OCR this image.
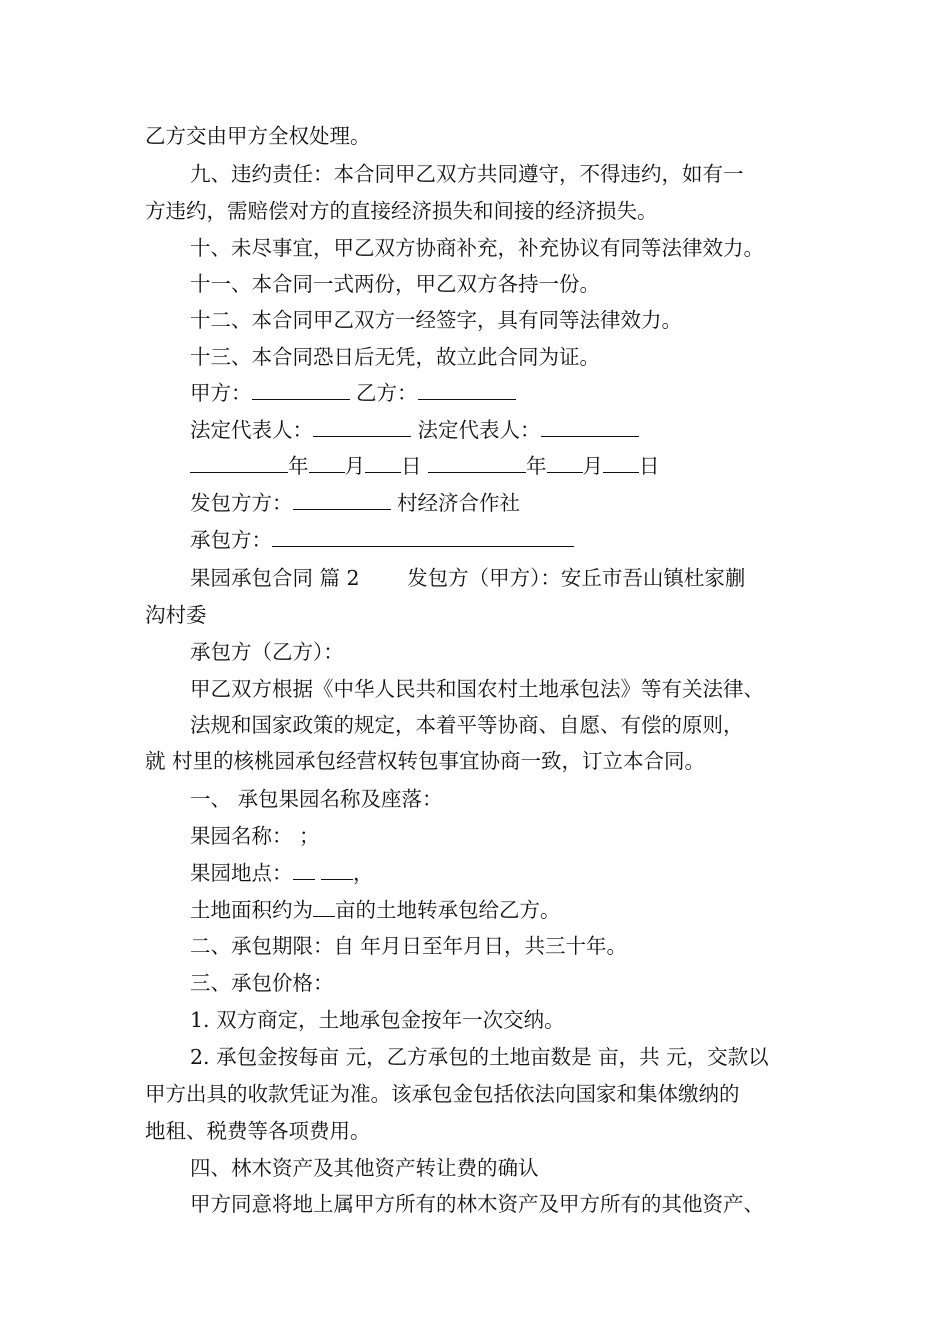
乙方交由甲方全权处理。
九、违约责任：本合同甲乙双方共同遵守，不得违约，如有一
方违约，需赔偿对方的直接经济损失和间接的经济损失。
十、未尽事宜，甲乙双方协商补充，补充协议有同等法律效力。
十一、本合同一式两份，甲乙双方各持一份。
十二、本合同甲乙双方一经签字，具有同等法律效力。
十三、本合同恐日后无凭，故立此合同为证。
甲方：	乙方：
法定代表人：	法定代表人：
年 月 日	年 月 日
发包方方：	村经济合作社
承包方：
果园承包合同 篇 2　　 发包方（甲方）：安丘市吾山镇杜家蒯
沟村委
承包方（乙方）：
甲乙双方根据《中华人民共和国农村土地承包法》等有关法律、
法规和国家政策的规定，本着平等协商、自愿、有偿的原则，
就 村里的核桃园承包经营权转包事宜协商一致，订立本合同。
一、 承包果园名称及座落：
果园名称： ；
果园地点：	，
土地面积约为 亩的土地转承包给乙方。
二、承包期限：自 年月日至年月日，共三十年。
三、承包价格：
1. 双方商定，土地承包金按年一次交纳。
2. 承包金按每亩 元，乙方承包的土地亩数是 亩，共 元，交款以
甲方出具的收款凭证为准。该承包金包括依法向国家和集体缴纳的
地租、税费等各项费用。
四、林木资产及其他资产转让费的确认
甲方同意将地上属甲方所有的林木资产及甲方所有的其他资产、
